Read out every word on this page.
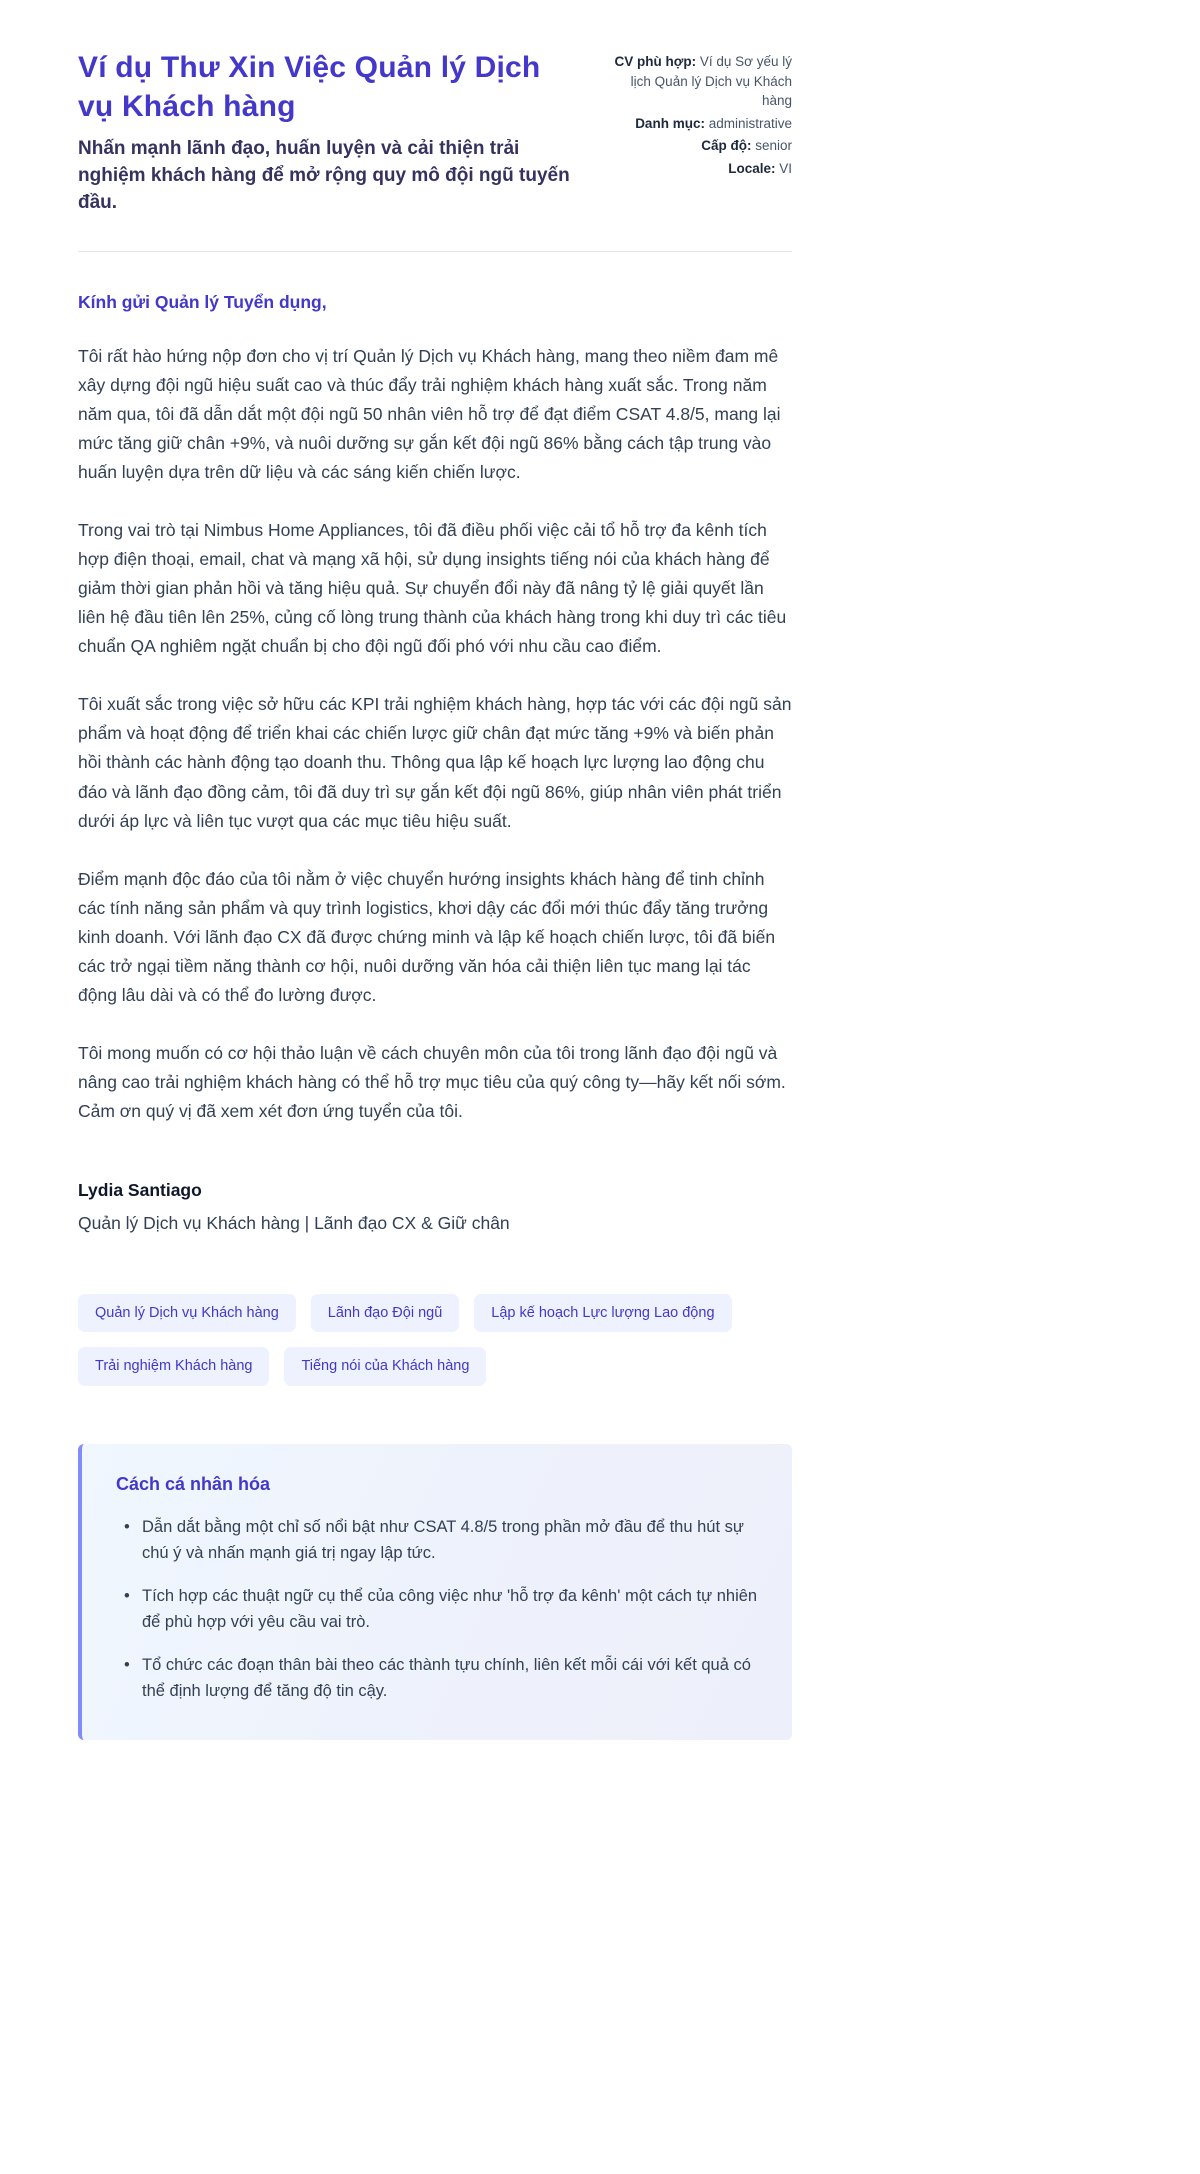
Ví dụ Thư Xin Việc Quản lý Dịch vụ Khách hàng

Nhấn mạnh lãnh đạo, huấn luyện và cải thiện trải nghiệm khách hàng để mở rộng quy mô đội ngũ tuyến đầu.

CV phù hợp: Ví dụ Sơ yếu lý lịch Quản lý Dịch vụ Khách hàng
Danh mục: administrative
Cấp độ: senior
Locale: VI

Kính gửi Quản lý Tuyển dụng,

Tôi rất hào hứng nộp đơn cho vị trí Quản lý Dịch vụ Khách hàng, mang theo niềm đam mê xây dựng đội ngũ hiệu suất cao và thúc đẩy trải nghiệm khách hàng xuất sắc. Trong năm năm qua, tôi đã dẫn dắt một đội ngũ 50 nhân viên hỗ trợ để đạt điểm CSAT 4.8/5, mang lại mức tăng giữ chân +9%, và nuôi dưỡng sự gắn kết đội ngũ 86% bằng cách tập trung vào huấn luyện dựa trên dữ liệu và các sáng kiến chiến lược.

Trong vai trò tại Nimbus Home Appliances, tôi đã điều phối việc cải tổ hỗ trợ đa kênh tích hợp điện thoại, email, chat và mạng xã hội, sử dụng insights tiếng nói của khách hàng để giảm thời gian phản hồi và tăng hiệu quả. Sự chuyển đổi này đã nâng tỷ lệ giải quyết lần liên hệ đầu tiên lên 25%, củng cố lòng trung thành của khách hàng trong khi duy trì các tiêu chuẩn QA nghiêm ngặt chuẩn bị cho đội ngũ đối phó với nhu cầu cao điểm.

Tôi xuất sắc trong việc sở hữu các KPI trải nghiệm khách hàng, hợp tác với các đội ngũ sản phẩm và hoạt động để triển khai các chiến lược giữ chân đạt mức tăng +9% và biến phản hồi thành các hành động tạo doanh thu. Thông qua lập kế hoạch lực lượng lao động chu đáo và lãnh đạo đồng cảm, tôi đã duy trì sự gắn kết đội ngũ 86%, giúp nhân viên phát triển dưới áp lực và liên tục vượt qua các mục tiêu hiệu suất.

Điểm mạnh độc đáo của tôi nằm ở việc chuyển hướng insights khách hàng để tinh chỉnh các tính năng sản phẩm và quy trình logistics, khơi dậy các đổi mới thúc đẩy tăng trưởng kinh doanh. Với lãnh đạo CX đã được chứng minh và lập kế hoạch chiến lược, tôi đã biến các trở ngại tiềm năng thành cơ hội, nuôi dưỡng văn hóa cải thiện liên tục mang lại tác động lâu dài và có thể đo lường được.

Tôi mong muốn có cơ hội thảo luận về cách chuyên môn của tôi trong lãnh đạo đội ngũ và nâng cao trải nghiệm khách hàng có thể hỗ trợ mục tiêu của quý công ty—hãy kết nối sớm. Cảm ơn quý vị đã xem xét đơn ứng tuyển của tôi.

Lydia Santiago

Quản lý Dịch vụ Khách hàng | Lãnh đạo CX & Giữ chân

Quản lý Dịch vụ Khách hàng	Lãnh đạo Đội ngũ	Lập kế hoạch Lực lượng Lao động
Trải nghiệm Khách hàng	Tiếng nói của Khách hàng
Cách cá nhân hóa
• Dẫn dắt bằng một chỉ số nổi bật như CSAT 4.8/5 trong phần mở đầu để thu hút sự chú ý và nhấn mạnh giá trị ngay lập tức.
• Tích hợp các thuật ngữ cụ thể của công việc như 'hỗ trợ đa kênh' một cách tự nhiên để phù hợp với yêu cầu vai trò.
• Tổ chức các đoạn thân bài theo các thành tựu chính, liên kết mỗi cái với kết quả có thể định lượng để tăng độ tin cậy.
